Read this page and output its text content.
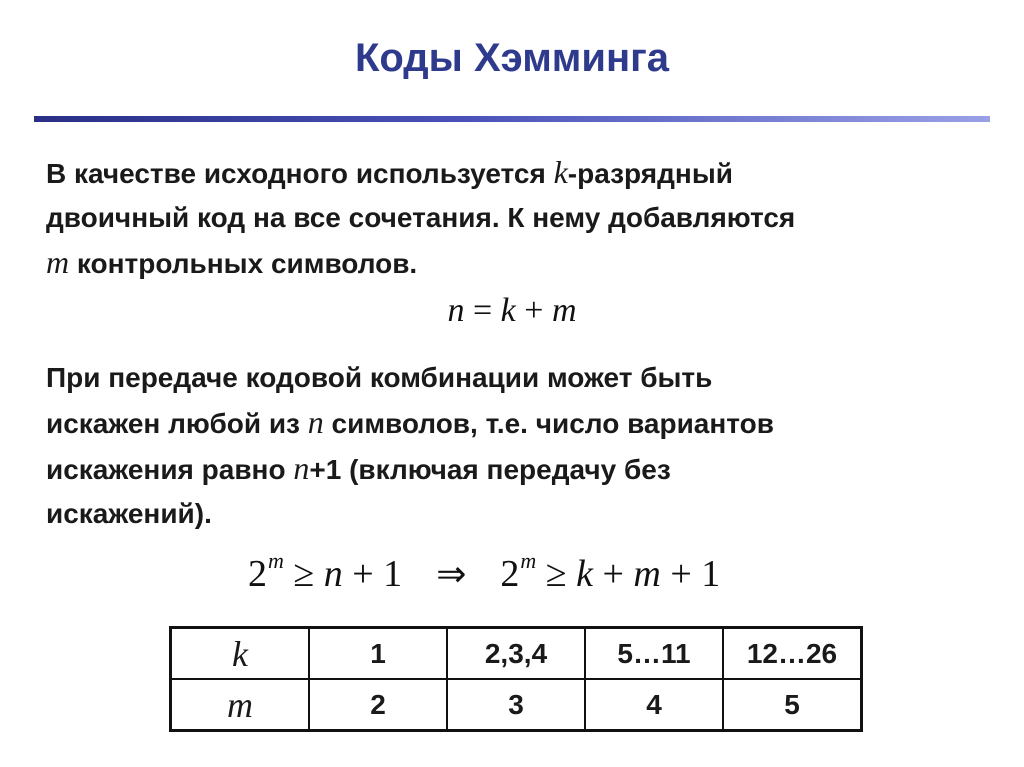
Коды Хэмминга
В качестве исходного используется k-разрядный
двоичный код на все сочетания. К нему добавляются
m контрольных символов.
n = k + m
При передаче кодовой комбинации может быть
искажен любой из n символов, т.е. число вариантов
искажения равно n+1 (включая передачу без
искажений).
$2^m \ge n + 1$ ⇒ $2^m \ge k + m + 1$
k	1	2,3,4	5…11	12…26
m	2	3	4	5
